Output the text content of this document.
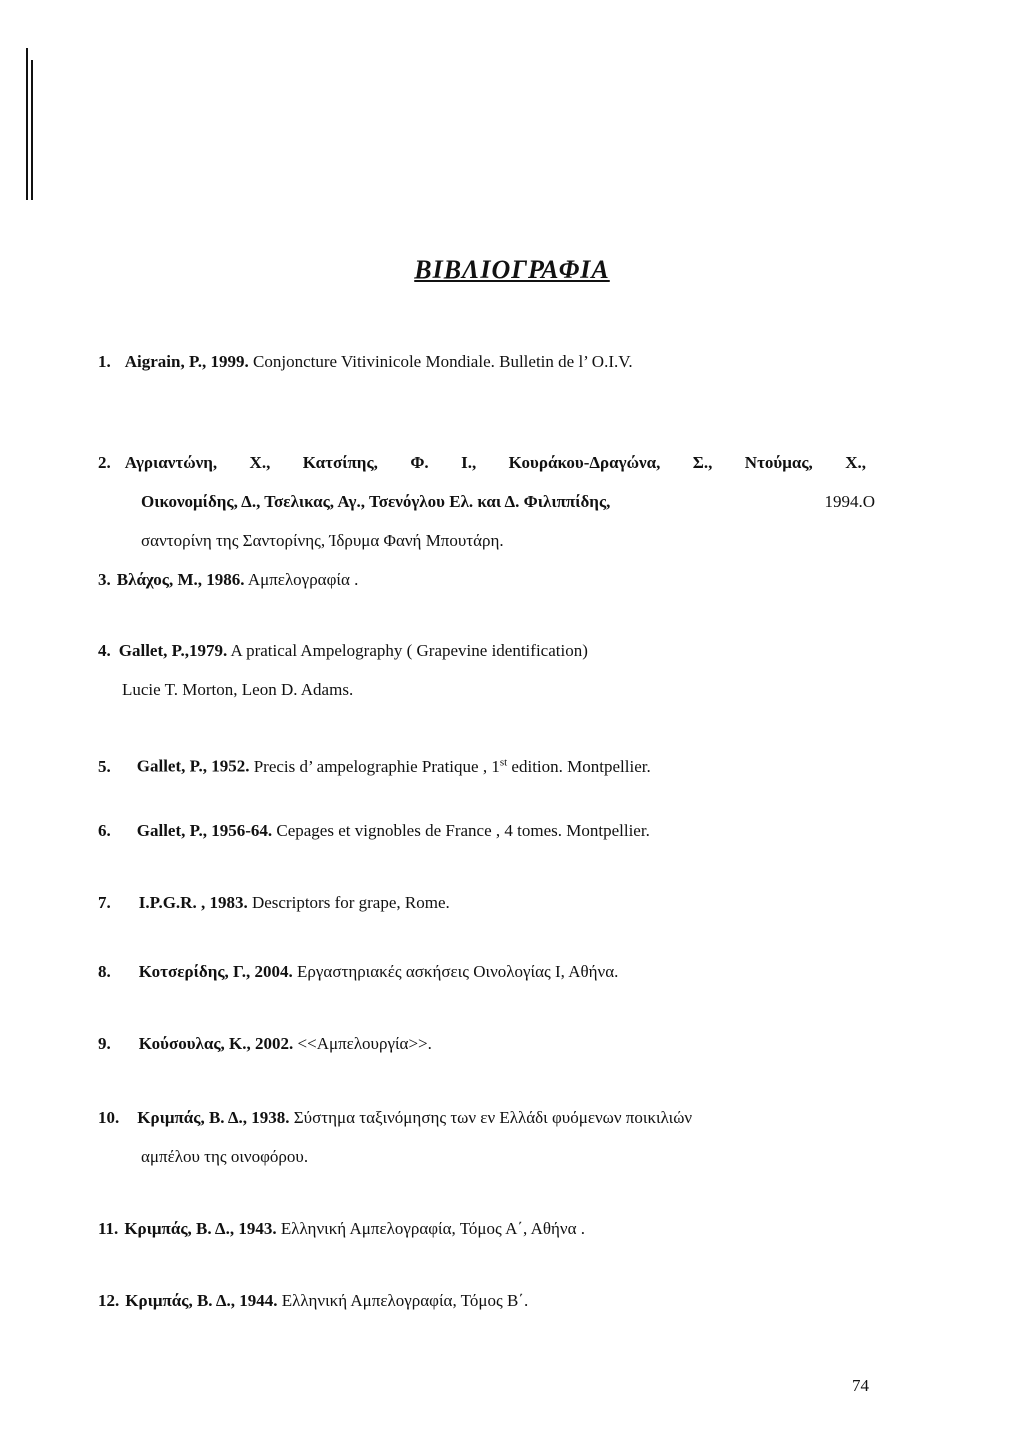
ΒΙΒΛΙΟΓΡΑΦΙΑ
1. Aigrain, P., 1999. Conjoncture Vitivinicole Mondiale. Bulletin de l’ O.I.V.
2. Αγριαντώνη, Χ., Κατσίπης, Φ. Ι., Κουράκου-Δραγώνα, Σ., Ντούμας, Χ.,
Οικονομίδης, Δ., Τσελικας, Αγ., Τσενόγλου Ελ. και Δ. Φιλιππίδης,	1994.Ο
σαντορίνη της Σαντορίνης, Ίδρυμα Φανή Μπουτάρη.
3. Βλάχος, Μ., 1986. Αμπελογραφία .
4. Gallet, P.,1979. A pratical Ampelography ( Grapevine identification)
Lucie T. Morton, Leon D. Adams.
5. Gallet, P., 1952. Precis d’ ampelographie Pratique , 1st edition. Montpellier.
6. Gallet, P., 1956-64. Cepages et vignobles de France , 4 tomes. Montpellier.
7. I.P.G.R. , 1983. Descriptors for grape, Rome.
8. Κοτσερίδης, Γ., 2004. Εργαστηριακές ασκήσεις Οινολογίας Ι, Αθήνα.
9. Κούσουλας, Κ., 2002. <<Αμπελουργία>>.
10. Κριμπάς, Β. Δ., 1938. Σύστημα ταξινόμησης των εν Ελλάδι φυόμενων ποικιλιών
αμπέλου της οινοφόρου.
11. Κριμπάς, Β. Δ., 1943. Ελληνική Αμπελογραφία, Τόμος Α΄, Αθήνα .
12. Κριμπάς, Β. Δ., 1944. Ελληνική Αμπελογραφία, Τόμος Β΄.
74
